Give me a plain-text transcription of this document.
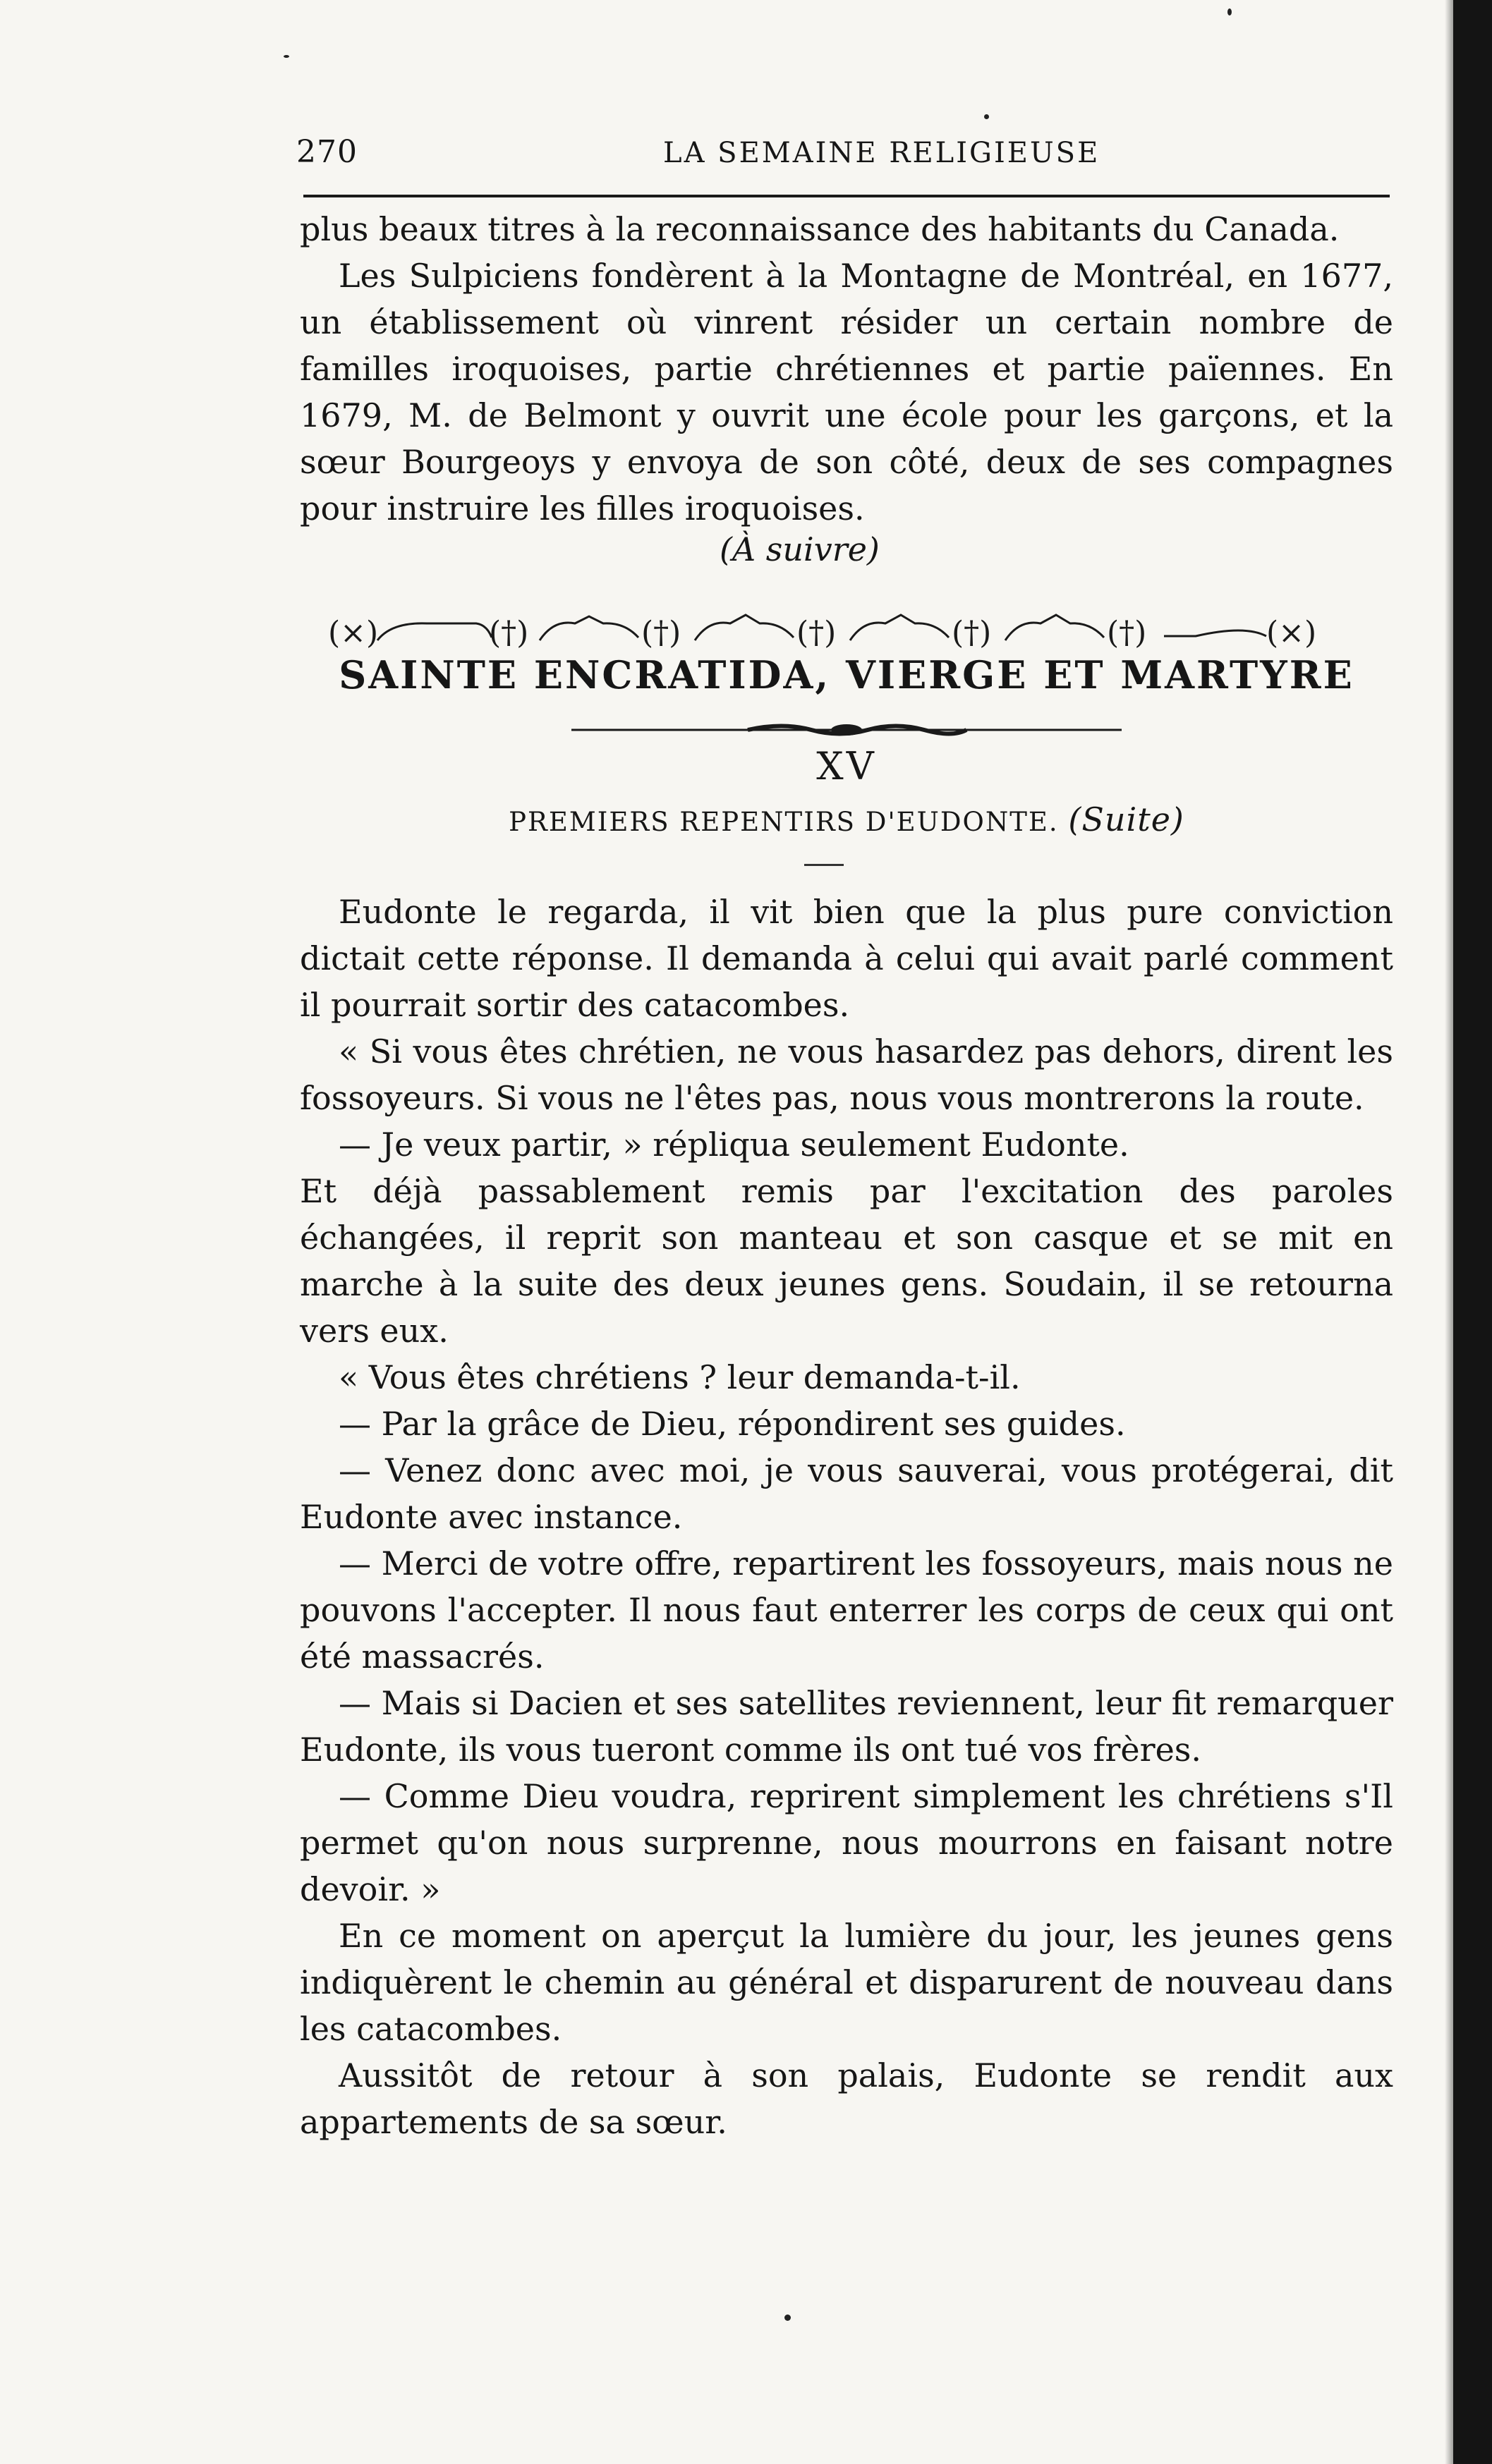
270	LA SEMAINE RELIGIEUSE

plus beaux titres à la reconnaissance des habitants du Canada.

Les Sulpiciens fondèrent à la Montagne de Montréal, en 1677, un établissement où vinrent résider un certain nombre de familles iroquoises, partie chrétiennes et partie païennes. En 1679, M. de Belmont y ouvrit une école pour les garçons, et la sœur Bourgeoys y envoya de son côté, deux de ses compagnes pour instruire les filles iroquoises.

(À suivre)
(×)	(†)	(†)	(†)	(†)	(†)	(×)
SAINTE ENCRATIDA, VIERGE ET MARTYRE
XV
PREMIERS REPENTIRS D'EUDONTE. (Suite)

Eudonte le regarda, il vit bien que la plus pure conviction dictait cette réponse. Il demanda à celui qui avait parlé comment il pourrait sortir des catacombes.

« Si vous êtes chrétien, ne vous hasardez pas dehors, dirent les fossoyeurs. Si vous ne l'êtes pas, nous vous montrerons la route.

— Je veux partir, » répliqua seulement Eudonte.

Et déjà passablement remis par l'excitation des paroles échangées, il reprit son manteau et son casque et se mit en marche à la suite des deux jeunes gens. Soudain, il se retourna vers eux.

« Vous êtes chrétiens ? leur demanda-t-il.

— Par la grâce de Dieu, répondirent ses guides.

— Venez donc avec moi, je vous sauverai, vous protégerai, dit Eudonte avec instance.

— Merci de votre offre, repartirent les fossoyeurs, mais nous ne pouvons l'accepter. Il nous faut enterrer les corps de ceux qui ont été massacrés.

— Mais si Dacien et ses satellites reviennent, leur fit remarquer Eudonte, ils vous tueront comme ils ont tué vos frères.

— Comme Dieu voudra, reprirent simplement les chrétiens s'Il permet qu'on nous surprenne, nous mourrons en faisant notre devoir. »

En ce moment on aperçut la lumière du jour, les jeunes gens indiquèrent le chemin au général et disparurent de nouveau dans les catacombes.

Aussitôt de retour à son palais, Eudonte se rendit aux appartements de sa sœur.
